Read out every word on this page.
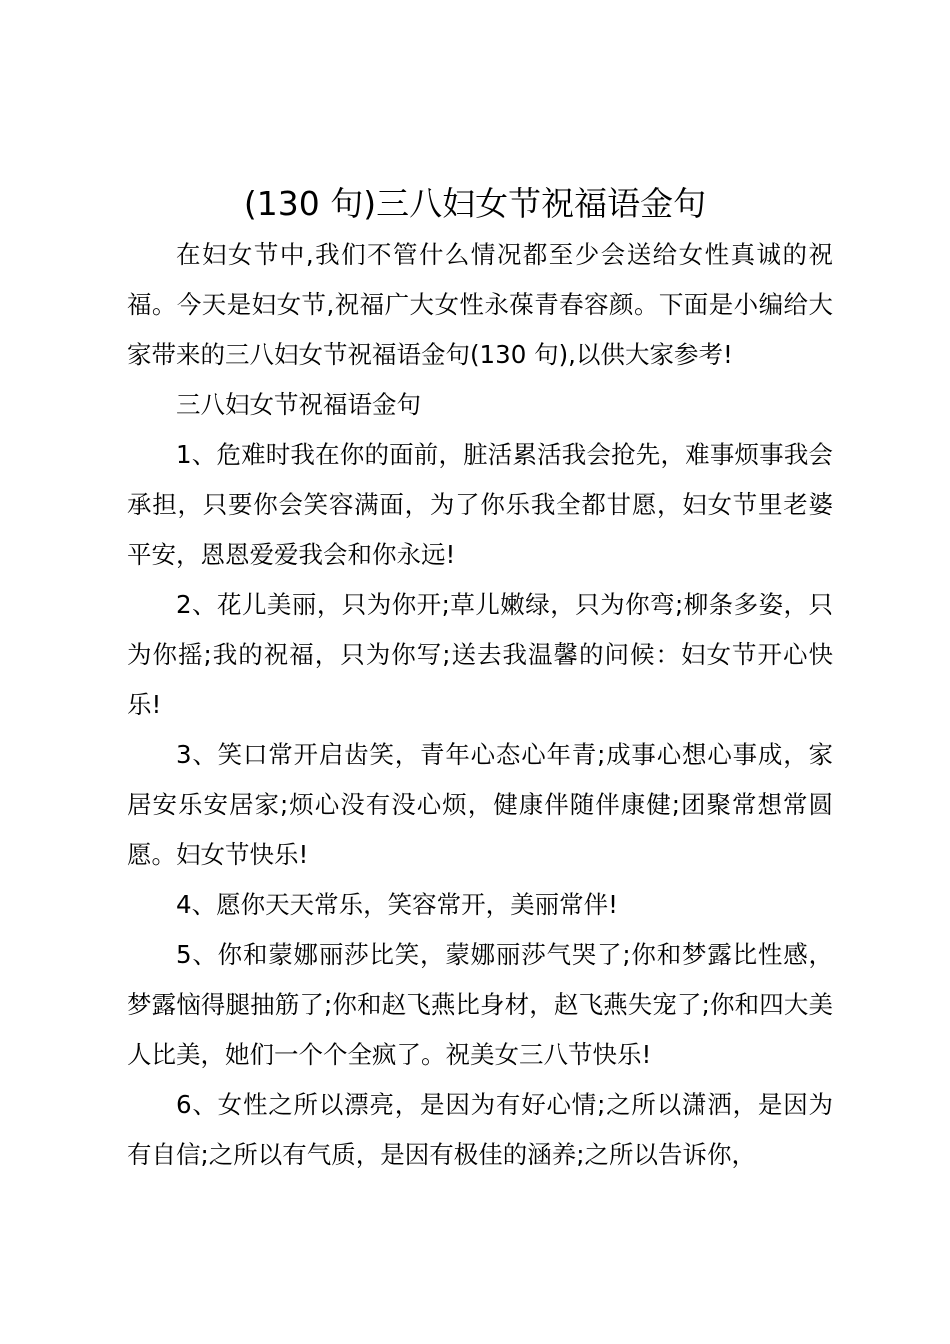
(130 句)三八妇女节祝福语金句

在妇女节中,我们不管什么情况都至少会送给女性真诚的祝福。今天是妇女节,祝福广大女性永葆青春容颜。下面是小编给大家带来的三八妇女节祝福语金句(130 句),以供大家参考!

三八妇女节祝福语金句

1、危难时我在你的面前，脏活累活我会抢先，难事烦事我会承担，只要你会笑容满面，为了你乐我全都甘愿，妇女节里老婆平安，恩恩爱爱我会和你永远!

2、花儿美丽，只为你开;草儿嫩绿，只为你弯;柳条多姿，只为你摇;我的祝福，只为你写;送去我温馨的问候：妇女节开心快乐!

3、笑口常开启齿笑，青年心态心年青;成事心想心事成，家居安乐安居家;烦心没有没心烦，健康伴随伴康健;团聚常想常圆愿。妇女节快乐!

4、愿你天天常乐，笑容常开，美丽常伴!

5、你和蒙娜丽莎比笑，蒙娜丽莎气哭了;你和梦露比性感，梦露恼得腿抽筋了;你和赵飞燕比身材，赵飞燕失宠了;你和四大美人比美，她们一个个全疯了。祝美女三八节快乐!

6、女性之所以漂亮，是因为有好心情;之所以潇洒，是因为有自信;之所以有气质，是因有极佳的涵养;之所以告诉你，
